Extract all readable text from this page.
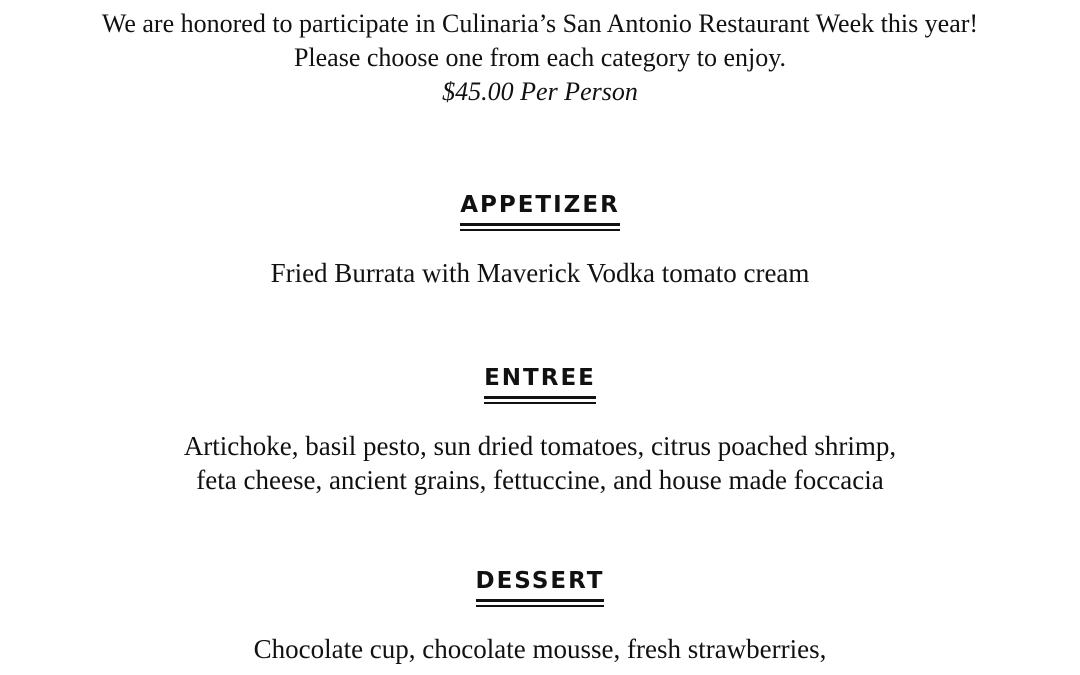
We are honored to participate in Culinaria’s San Antonio Restaurant Week this year!
Please choose one from each category to enjoy.
$45.00 Per Person
APPETIZER
Fried Burrata with Maverick Vodka tomato cream
ENTREE
Artichoke, basil pesto, sun dried tomatoes, citrus poached shrimp,
feta cheese, ancient grains, fettuccine, and house made foccacia
DESSERT
Chocolate cup, chocolate mousse, fresh strawberries,
